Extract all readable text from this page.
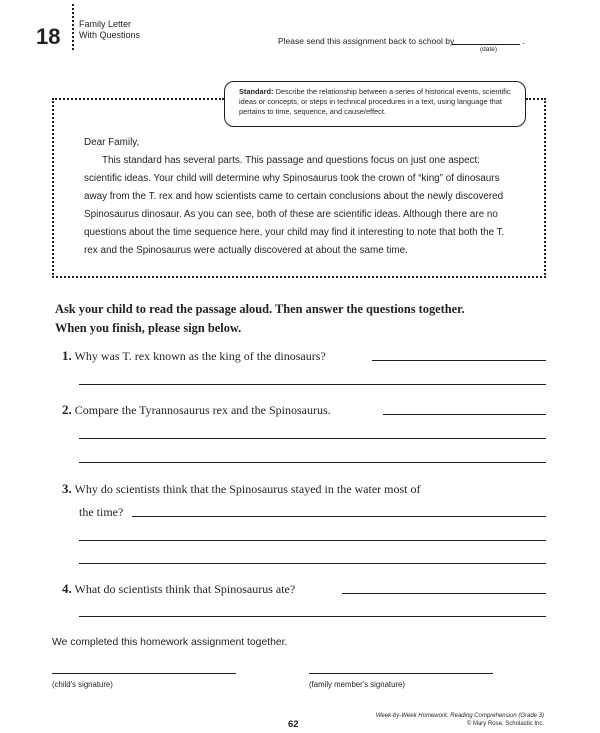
18 Family Letter
With Questions
Please send this assignment back to school by	.
(date)
Standard: Describe the relationship between a series of historical events, scientific ideas or concepts, or steps in technical procedures in a text, using language that pertains to time, sequence, and cause/effect.

Dear Family,

This standard has several parts. This passage and questions focus on just one aspect: scientific ideas. Your child will determine why Spinosaurus took the crown of “king” of dinosaurs away from the T. rex and how scientists came to certain conclusions about the newly discovered Spinosaurus dinosaur. As you can see, both of these are scientific ideas. Although there are no questions about the time sequence here, your child may find it interesting to note that both the T. rex and the Spinosaurus were actually discovered at about the same time.

Ask your child to read the passage aloud. Then answer the questions together.

When you finish, please sign below.

1. Why was T. rex known as the king of the dinosaurs?
2. Compare the Tyrannosaurus rex and the Spinosaurus.
3. Why do scientists think that the Spinosaurus stayed in the water most of
the time?
4. What do scientists think that Spinosaurus ate?
We completed this homework assignment together.
(child's signature)	(family member's signature)
62
Week-by-Week Homework: Reading Comprehension (Grade 3)
© Mary Rose, Scholastic Inc.
